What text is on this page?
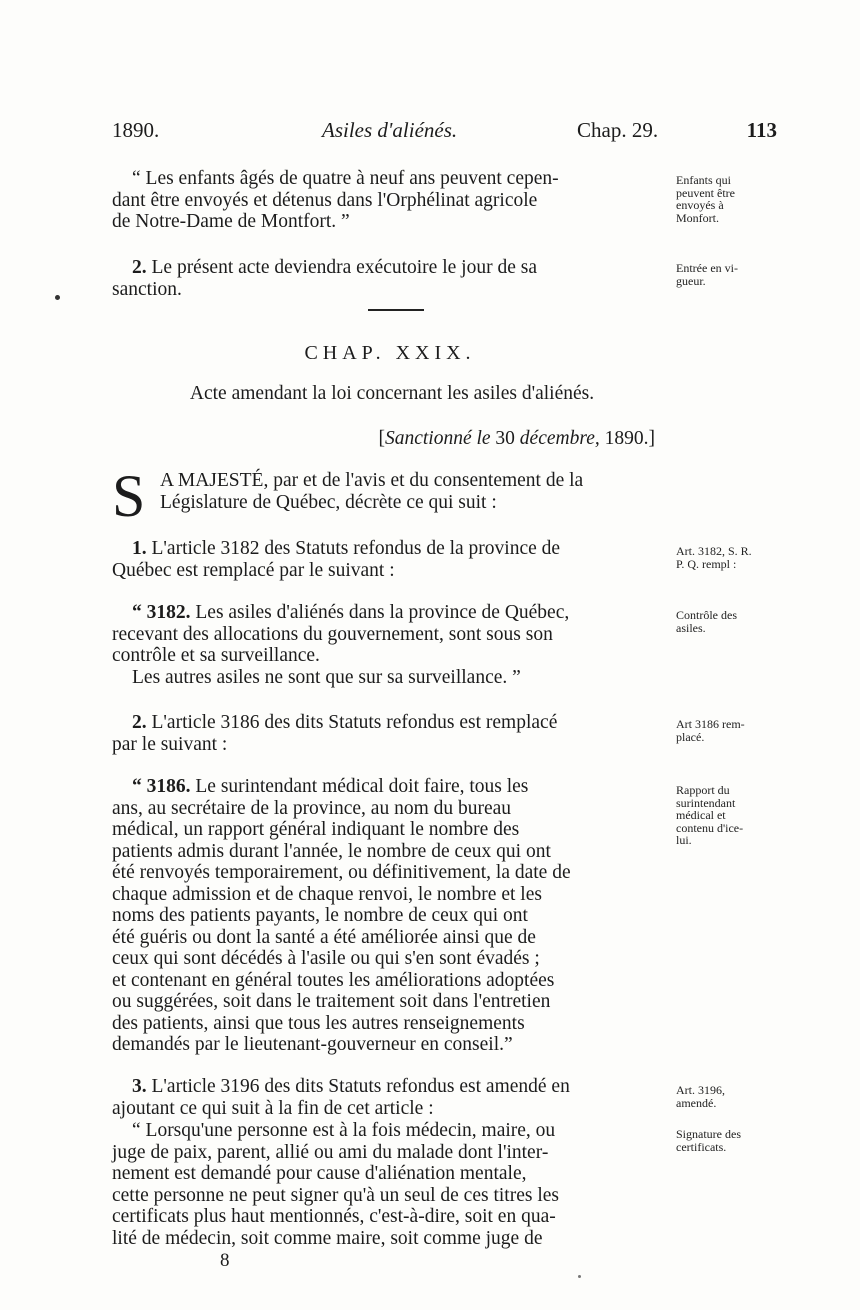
1890.	Asiles d'aliénés.	Chap. 29.	113

“ Les enfants âgés de quatre à neuf ans peuvent cepen-

dant être envoyés et détenus dans l'Orphélinat agricole

de Notre-Dame de Montfort. ”

Enfants qui
peuvent être
envoyés à
Monfort.

2. Le présent acte deviendra exécutoire le jour de sa

sanction.

Entrée en vi-
gueur.
CHAP. XXIX.
Acte amendant la loi concernant les asiles d'aliénés.
[Sanctionné le 30 décembre, 1890.]
S A MAJESTÉ, par et de l'avis et du consentement de la

Législature de Québec, décrète ce qui suit :

1. L'article 3182 des Statuts refondus de la province de

Québec est remplacé par le suivant :

Art. 3182, S. R.
P. Q. rempl :

“ 3182. Les asiles d'aliénés dans la province de Québec,

recevant des allocations du gouvernement, sont sous son

contrôle et sa surveillance.

Les autres asiles ne sont que sur sa surveillance. ”

Contrôle des
asiles.

2. L'article 3186 des dits Statuts refondus est remplacé

par le suivant :

Art 3186 rem-
placé.

“ 3186. Le surintendant médical doit faire, tous les

ans, au secrétaire de la province, au nom du bureau

médical, un rapport général indiquant le nombre des

patients admis durant l'année, le nombre de ceux qui ont

été renvoyés temporairement, ou définitivement, la date de

chaque admission et de chaque renvoi, le nombre et les

noms des patients payants, le nombre de ceux qui ont

été guéris ou dont la santé a été améliorée ainsi que de

ceux qui sont décédés à l'asile ou qui s'en sont évadés ;

et contenant en général toutes les améliorations adoptées

ou suggérées, soit dans le traitement soit dans l'entretien

des patients, ainsi que tous les autres renseignements

demandés par le lieutenant-gouverneur en conseil.”

Rapport du
surintendant
médical et
contenu d'ice-
lui.

3. L'article 3196 des dits Statuts refondus est amendé en

ajoutant ce qui suit à la fin de cet article :

Art. 3196,
amendé.

“ Lorsqu'une personne est à la fois médecin, maire, ou

juge de paix, parent, allié ou ami du malade dont l'inter-

nement est demandé pour cause d'aliénation mentale,

cette personne ne peut signer qu'à un seul de ces titres les

certificats plus haut mentionnés, c'est-à-dire, soit en qua-

lité de médecin, soit comme maire, soit comme juge de

Signature des
certificats.
8
